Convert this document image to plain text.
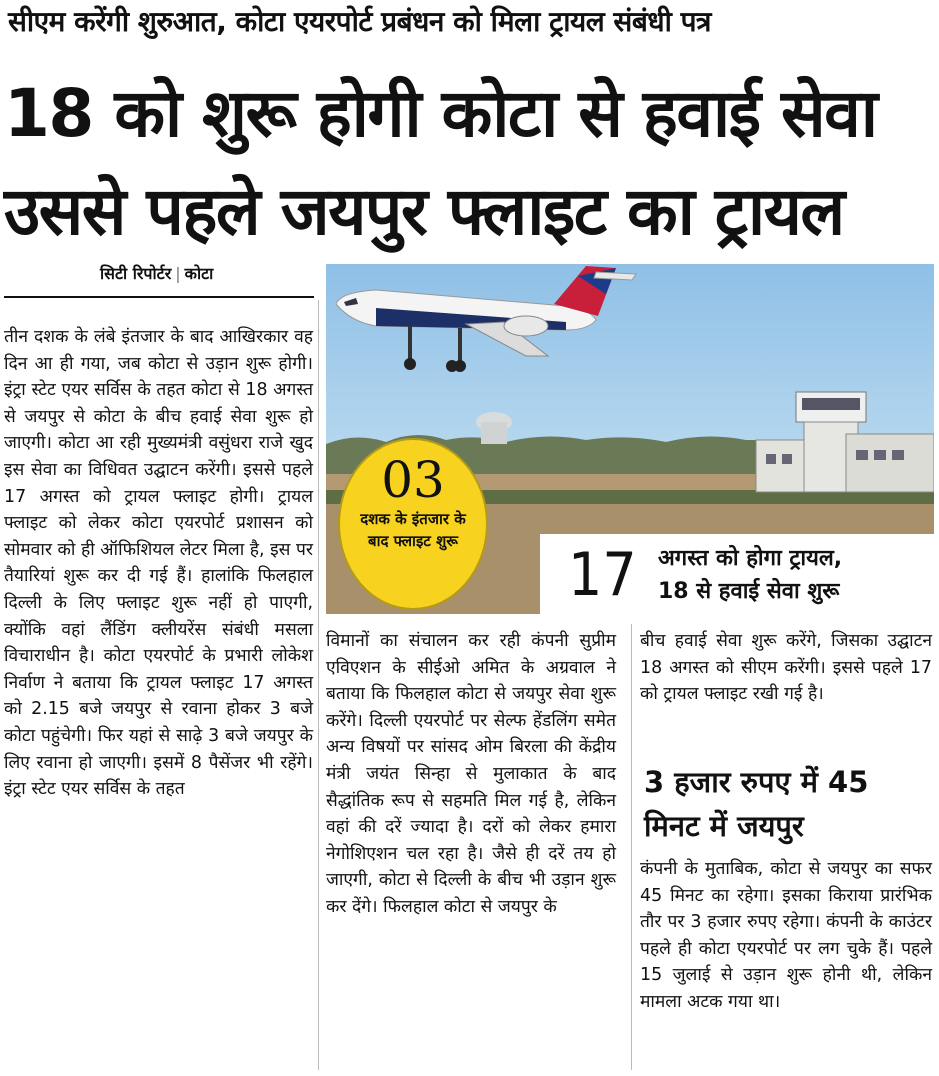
सीएम करेंगी शुरुआत, कोटा एयरपोर्ट प्रबंधन को मिला ट्रायल संबंधी पत्र
18 को शुरू होगी कोटा से हवाई सेवा
उससे पहले जयपुर फ्लाइट का ट्रायल
सिटी रिपोर्टर | कोटा
03
दशक के इंतजार के बाद फ्लाइट शुरू	17 अगस्त को होगा ट्रायल,
18 से हवाई सेवा शुरू

तीन दशक के लंबे इंतजार के बाद आखिरकार वह दिन आ ही गया, जब कोटा से उड़ान शुरू होगी। इंट्रा स्टेट एयर सर्विस के तहत कोटा से 18 अगस्त से जयपुर से कोटा के बीच हवाई सेवा शुरू हो जाएगी। कोटा आ रही मुख्यमंत्री वसुंधरा राजे खुद इस सेवा का विधिवत उद्घाटन करेंगी। इससे पहले 17 अगस्त को ट्रायल फ्लाइट होगी। ट्रायल फ्लाइट को लेकर कोटा एयरपोर्ट प्रशासन को सोमवार को ही ऑफिशियल लेटर मिला है, इस पर तैयारियां शुरू कर दी गई हैं। हालांकि फिलहाल दिल्ली के लिए फ्लाइट शुरू नहीं हो पाएगी, क्योंकि वहां लैंडिंग क्लीयरेंस संबंधी मसला विचाराधीन है। कोटा एयरपोर्ट के प्रभारी लोकेश निर्वाण ने बताया कि ट्रायल फ्लाइट 17 अगस्त को 2.15 बजे जयपुर से रवाना होकर 3 बजे कोटा पहुंचेगी। फिर यहां से साढ़े 3 बजे जयपुर के लिए रवाना हो जाएगी। इसमें 8 पैसेंजर भी रहेंगे। इंट्रा स्टेट एयर सर्विस के तहत

विमानों का संचालन कर रही कंपनी सुप्रीम एविएशन के सीईओ अमित के अग्रवाल ने बताया कि फिलहाल कोटा से जयपुर सेवा शुरू करेंगे। दिल्ली एयरपोर्ट पर सेल्फ हेंडलिंग समेत अन्य विषयों पर सांसद ओम बिरला की केंद्रीय मंत्री जयंत सिन्हा से मुलाकात के बाद सैद्धांतिक रूप से सहमति मिल गई है, लेकिन वहां की दरें ज्यादा है। दरों को लेकर हमारा नेगोशिएशन चल रहा है। जैसे ही दरें तय हो जाएगी, कोटा से दिल्ली के बीच भी उड़ान शुरू कर देंगे। फिलहाल कोटा से जयपुर के

बीच हवाई सेवा शुरू करेंगे, जिसका उद्घाटन 18 अगस्त को सीएम करेंगी। इससे पहले 17 को ट्रायल फ्लाइट रखी गई है।

3 हजार रुपए में 45 मिनट में जयपुर

कंपनी के मुताबिक, कोटा से जयपुर का सफर 45 मिनट का रहेगा। इसका किराया प्रारंभिक तौर पर 3 हजार रुपए रहेगा। कंपनी के काउंटर पहले ही कोटा एयरपोर्ट पर लग चुके हैं। पहले 15 जुलाई से उड़ान शुरू होनी थी, लेकिन मामला अटक गया था।
